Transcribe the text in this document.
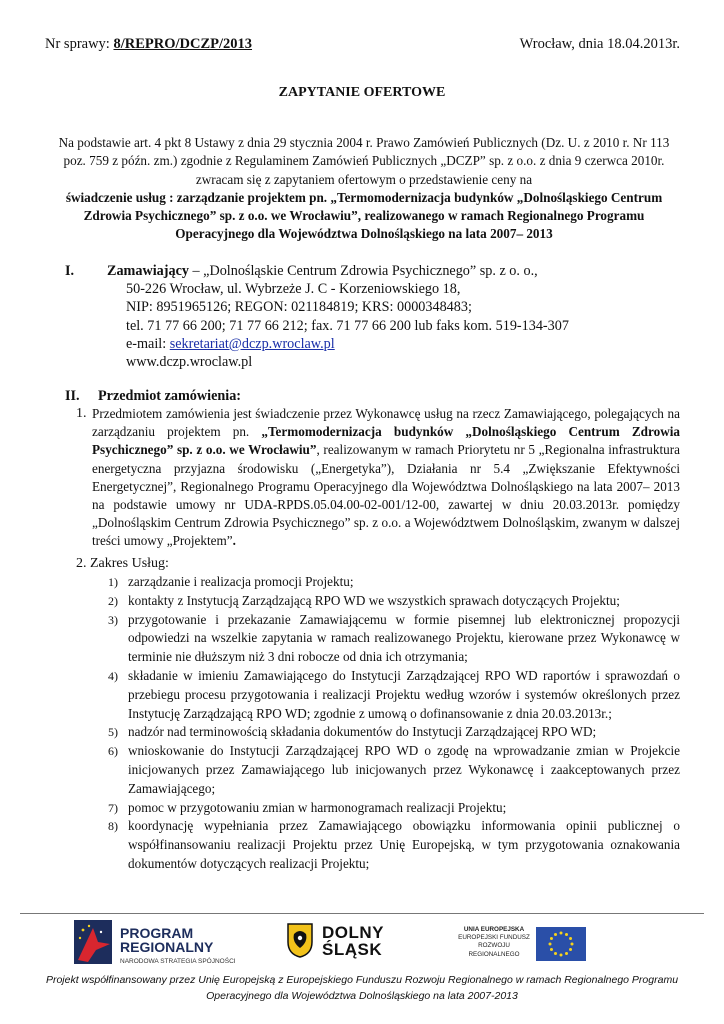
Nr sprawy: 8/REPRO/DCZP/2013	Wrocław, dnia 18.04.2013r.
ZAPYTANIE OFERTOWE
Na podstawie art. 4 pkt 8 Ustawy z dnia 29 stycznia 2004 r. Prawo Zamówień Publicznych (Dz. U. z 2010 r. Nr 113 poz. 759 z późn. zm.) zgodnie z Regulaminem Zamówień Publicznych „DCZP” sp. z o.o. z dnia 9 czerwca 2010r. zwracam się z zapytaniem ofertowym o przedstawienie ceny na
świadczenie usług : zarządzanie projektem pn. „Termomodernizacja budynków „Dolnośląskiego Centrum Zdrowia Psychicznego” sp. z o.o. we Wrocławiu”, realizowanego w ramach Regionalnego Programu Operacyjnego dla Województwa Dolnośląskiego na lata 2007– 2013
I.	Zamawiający – „Dolnośląskie Centrum Zdrowia Psychicznego” sp. z o. o.,
50-226 Wrocław, ul. Wybrzeże J. C - Korzeniowskiego 18,
NIP: 8951965126; REGON: 021184819; KRS: 0000348483;
tel. 71 77 66 200; 71 77 66 212; fax. 71 77 66 200 lub faks kom. 519-134-307
e-mail: sekretariat@dczp.wroclaw.pl
www.dczp.wroclaw.pl
II.	Przedmiot zamówienia:
1. Przedmiotem zamówienia jest świadczenie przez Wykonawcę usług na rzecz Zamawiającego, polegających na zarządzaniu projektem pn. „Termomodernizacja budynków „Dolnośląskiego Centrum Zdrowia Psychicznego” sp. z o.o. we Wrocławiu”, realizowanym w ramach Priorytetu nr 5 „Regionalna infrastruktura energetyczna przyjazna środowisku („Energetyka”), Działania nr 5.4 „Zwiększanie Efektywności Energetycznej”, Regionalnego Programu Operacyjnego dla Województwa Dolnośląskiego na lata 2007– 2013 na podstawie umowy nr UDA-RPDS.05.04.00-02-001/12-00, zawartej w dniu 20.03.2013r. pomiędzy „Dolnośląskim Centrum Zdrowia Psychicznego” sp. z o.o. a Województwem Dolnośląskim, zwanym w dalszej treści umowy „Projektem”.
2. Zakres Usług:
1) zarządzanie i realizacja promocji Projektu;
2) kontakty z Instytucją Zarządzającą RPO WD we wszystkich sprawach dotyczących Projektu;
3) przygotowanie i przekazanie Zamawiającemu w formie pisemnej lub elektronicznej propozycji odpowiedzi na wszelkie zapytania w ramach realizowanego Projektu, kierowane przez Wykonawcę w terminie nie dłuższym niż 3 dni robocze od dnia ich otrzymania;
4) składanie w imieniu Zamawiającego do Instytucji Zarządzającej RPO WD raportów i sprawozdań o przebiegu procesu przygotowania i realizacji Projektu według wzorów i systemów określonych przez Instytucję Zarządzającą RPO WD; zgodnie z umową o dofinansowanie z dnia 20.03.2013r.;
5) nadzór nad terminowością składania dokumentów do Instytucji Zarządzającej RPO WD;
6) wnioskowanie do Instytucji Zarządzającej RPO WD o zgodę na wprowadzanie zmian w Projekcie inicjowanych przez Zamawiającego lub inicjowanych przez Wykonawcę i zaakceptowanych przez Zamawiającego;
7) pomoc w przygotowaniu zmian w harmonogramach realizacji Projektu;
8) koordynację wypełniania przez Zamawiającego obowiązku informowania opinii publicznej o współfinansowaniu realizacji Projektu przez Unię Europejską, w tym przygotowania oznakowania dokumentów dotyczących realizacji Projektu;
PROGRAM
REGIONALNY
NARODOWA STRATEGIA SPÓJNOŚCI
DOLNY
ŚLĄSK
UNIA EUROPEJSKA
EUROPEJSKI FUNDUSZ
ROZWOJU REGIONALNEGO
Projekt współfinansowany przez Unię Europejską z Europejskiego Funduszu Rozwoju Regionalnego w ramach Regionalnego Programu
Operacyjnego dla Województwa Dolnośląskiego na lata 2007-2013
